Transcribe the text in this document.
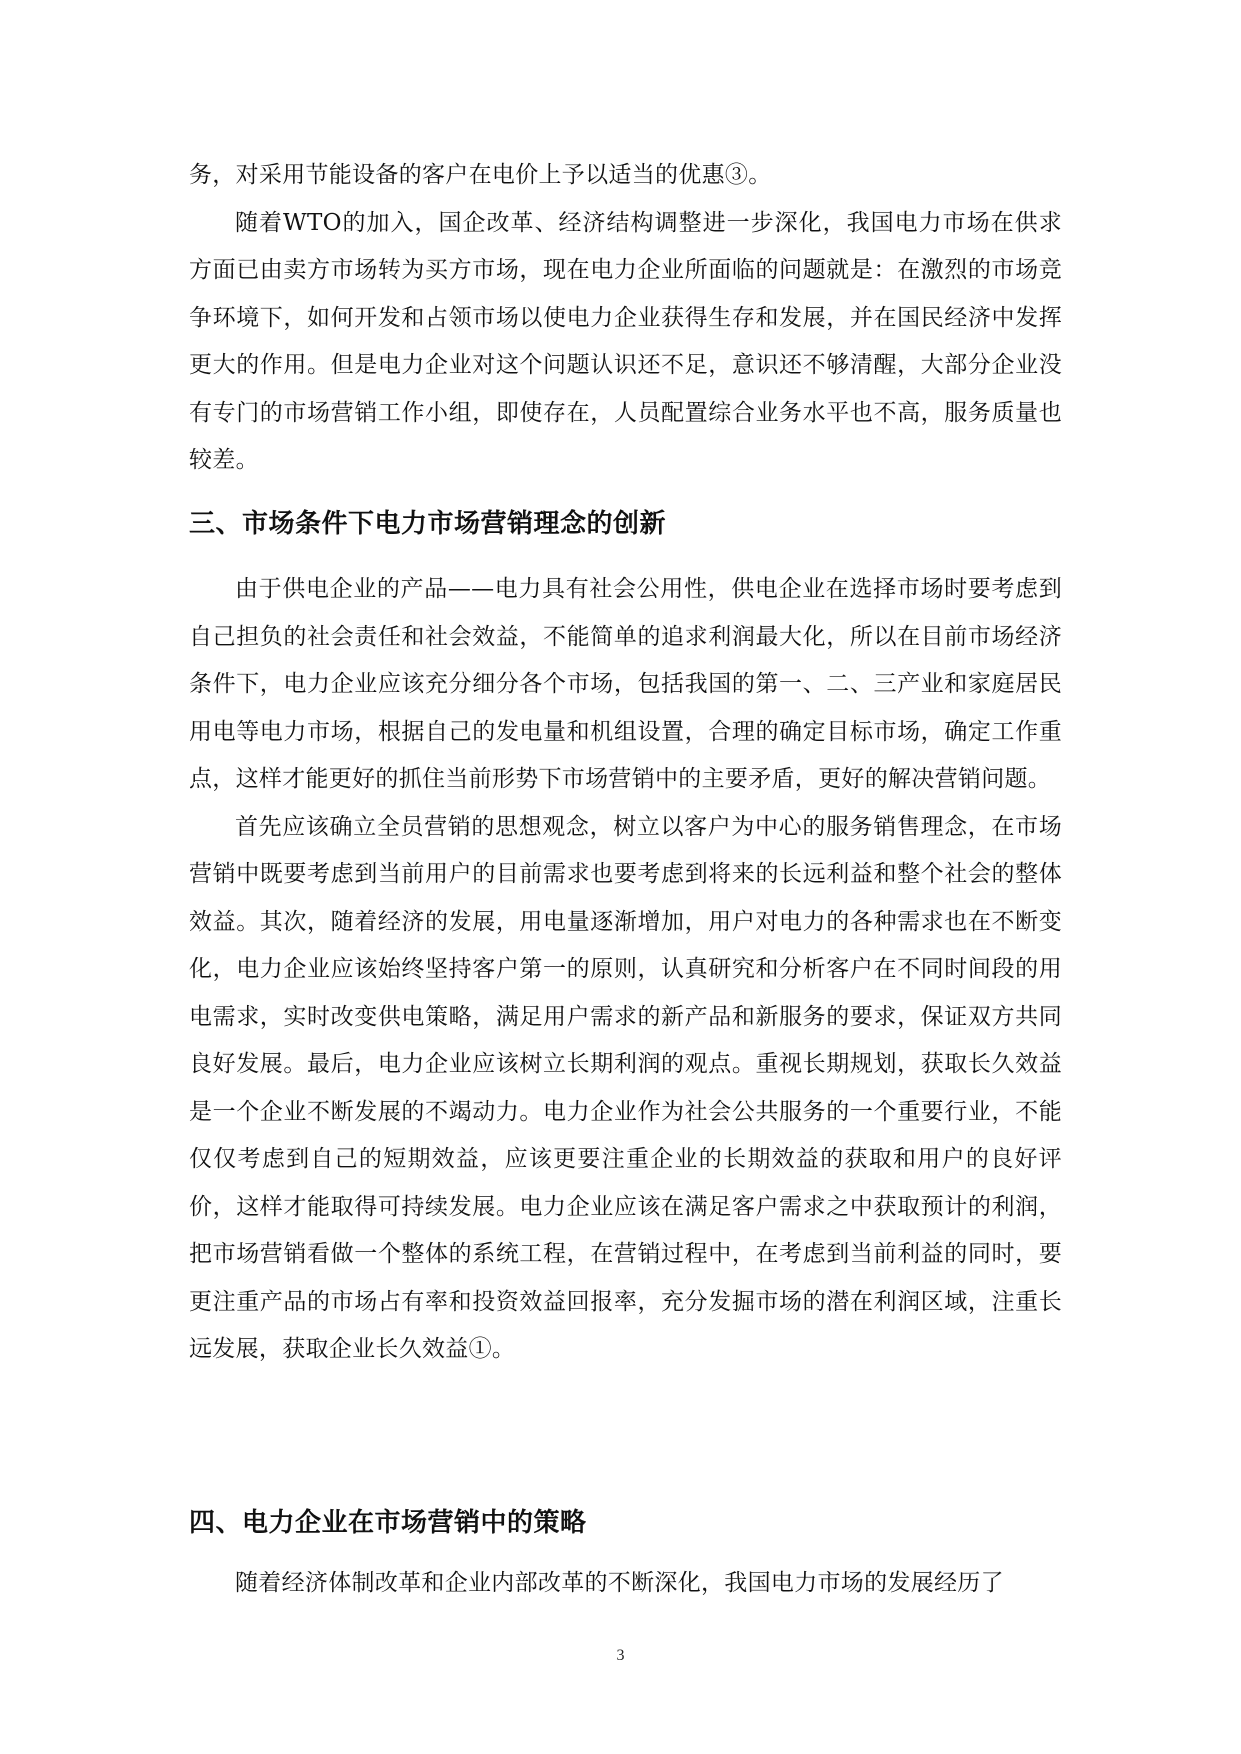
务，对采用节能设备的客户在电价上予以适当的优惠③。

随着WTO的加入，国企改革、经济结构调整进一步深化，我国电力市场在供求方面已由卖方市场转为买方市场，现在电力企业所面临的问题就是：在激烈的市场竞争环境下，如何开发和占领市场以使电力企业获得生存和发展，并在国民经济中发挥更大的作用。但是电力企业对这个问题认识还不足，意识还不够清醒，大部分企业没有专门的市场营销工作小组，即使存在，人员配置综合业务水平也不高，服务质量也较差。

三、市场条件下电力市场营销理念的创新

由于供电企业的产品——电力具有社会公用性，供电企业在选择市场时要考虑到自己担负的社会责任和社会效益，不能简单的追求利润最大化，所以在目前市场经济条件下，电力企业应该充分细分各个市场，包括我国的第一、二、三产业和家庭居民用电等电力市场，根据自己的发电量和机组设置，合理的确定目标市场，确定工作重点，这样才能更好的抓住当前形势下市场营销中的主要矛盾，更好的解决营销问题。

首先应该确立全员营销的思想观念，树立以客户为中心的服务销售理念，在市场营销中既要考虑到当前用户的目前需求也要考虑到将来的长远利益和整个社会的整体效益。其次，随着经济的发展，用电量逐渐增加，用户对电力的各种需求也在不断变化，电力企业应该始终坚持客户第一的原则，认真研究和分析客户在不同时间段的用电需求，实时改变供电策略，满足用户需求的新产品和新服务的要求，保证双方共同良好发展。最后，电力企业应该树立长期利润的观点。重视长期规划，获取长久效益是一个企业不断发展的不竭动力。电力企业作为社会公共服务的一个重要行业，不能仅仅考虑到自己的短期效益，应该更要注重企业的长期效益的获取和用户的良好评价，这样才能取得可持续发展。电力企业应该在满足客户需求之中获取预计的利润，把市场营销看做一个整体的系统工程，在营销过程中，在考虑到当前利益的同时，要更注重产品的市场占有率和投资效益回报率，充分发掘市场的潜在利润区域，注重长远发展，获取企业长久效益①。

四、电力企业在市场营销中的策略

随着经济体制改革和企业内部改革的不断深化，我国电力市场的发展经历了

3
